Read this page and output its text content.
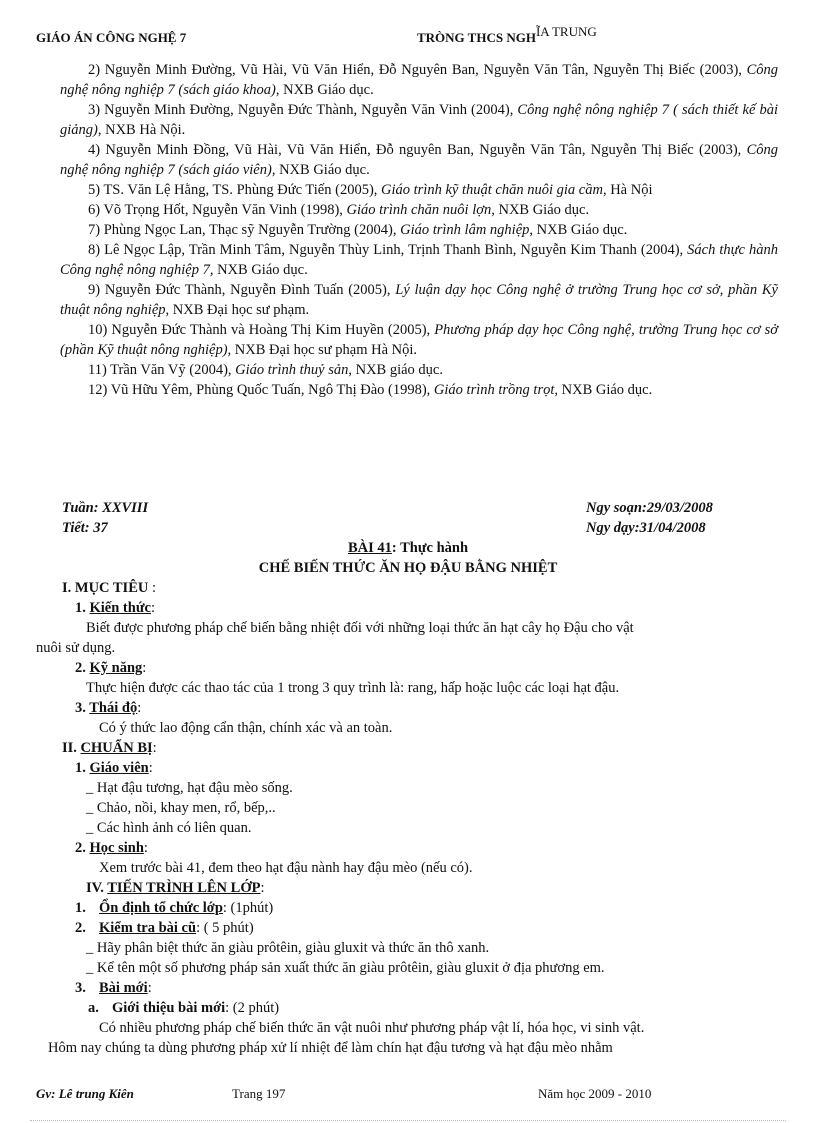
GIÁO ÁN CÔNG NGHỆ 7	TRÒNG THCS NGHĨA TRUNG

2) Nguyễn Minh Đường, Vũ Hài, Vũ Văn Hiển, Đỗ Nguyên Ban, Nguyễn Văn Tân, Nguyễn Thị Biếc (2003), Công nghệ nông nghiệp 7 (sách giáo khoa), NXB Giáo dục.

3) Nguyễn Minh Đường, Nguyễn Đức Thành, Nguyễn Văn Vinh (2004), Công nghệ nông nghiệp 7 ( sách thiết kế bài giảng), NXB Hà Nội.

4) Nguyễn Minh Đồng, Vũ Hài, Vũ Văn Hiển, Đỗ nguyên Ban, Nguyễn Văn Tân, Nguyễn Thị Biếc (2003), Công nghệ nông nghiệp 7 (sách giáo viên), NXB Giáo dục.

5) TS. Văn Lệ Hằng, TS. Phùng Đức Tiến (2005), Giáo trình kỹ thuật chăn nuôi gia cầm, Hà Nội

6) Võ Trọng Hốt, Nguyễn Văn Vinh (1998), Giáo trình chăn nuôi lợn, NXB Giáo dục.

7) Phùng Ngọc Lan, Thạc sỹ Nguyễn Trường (2004), Giáo trình lâm nghiệp, NXB Giáo dục.

8) Lê Ngọc Lập, Trần Minh Tâm, Nguyễn Thùy Linh, Trịnh Thanh Bình, Nguyễn Kim Thanh (2004), Sách thực hành Công nghệ nông nghiệp 7, NXB Giáo dục.

9) Nguyễn Đức Thành, Nguyễn Đình Tuấn (2005), Lý luận dạy học Công nghệ ở trường Trung học cơ sở, phần Kỹ thuật nông nghiệp, NXB Đại học sư phạm.

10) Nguyễn Đức Thành và Hoàng Thị Kim Huyền (2005), Phương pháp dạy học Công nghệ, trường Trung học cơ sở (phần Kỹ thuật nông nghiệp), NXB Đại học sư phạm Hà Nội.

11) Trần Văn Vỹ (2004), Giáo trình thuỷ sản, NXB giáo dục.

12) Vũ Hữu Yêm, Phùng Quốc Tuấn, Ngô Thị Đào (1998), Giáo trình trồng trọt, NXB Giáo dục.

Tuần: XXVIII
Tiết: 37
Ngy soạn:29/03/2008
Ngy dạy:31/04/2008
BÀI 41: Thực hành
CHẾ BIẾN THỨC ĂN HỌ ĐẬU BẰNG NHIỆT
I. MỤC TIÊU :
1. Kiến thức:
Biết được phương pháp chế biến bằng nhiệt đối với những loại thức ăn hạt cây họ Đậu cho vật
nuôi sử dụng.
2. Kỹ năng:
Thực hiện được các thao tác của 1 trong 3 quy trình là: rang, hấp hoặc luộc các loại hạt đậu.
3. Thái độ:
Có ý thức lao động cẩn thận, chính xác và an toàn.
II. CHUẨN BỊ:
1. Giáo viên:
_ Hạt đậu tương, hạt đậu mèo sống.
_ Chảo, nồi, khay men, rổ, bếp,..
_ Các hình ảnh có liên quan.
2. Học sinh:
Xem trước bài 41, đem theo hạt đậu nành hay đậu mèo (nếu có).
IV. TIẾN TRÌNH LÊN LỚP:
1. Ổn định tổ chức lớp: (1phút)
2. Kiểm tra bài cũ: ( 5 phút)
_ Hãy phân biệt thức ăn giàu prôtêin, giàu gluxit và thức ăn thô xanh.
_ Kể tên một số phương pháp sản xuất thức ăn giàu prôtêin, giàu gluxit ở địa phương em.
3. Bài mới:
a. Giới thiệu bài mới: (2 phút)
Có nhiều phương pháp chế biến thức ăn vật nuôi như phương pháp vật lí, hóa học, vi sinh vật.
Hôm nay chúng ta dùng phương pháp xử lí nhiệt để làm chín hạt đậu tương và hạt đậu mèo nhằm
Gv: Lê trung Kiên	Trang 197	Năm học 2009 - 2010
